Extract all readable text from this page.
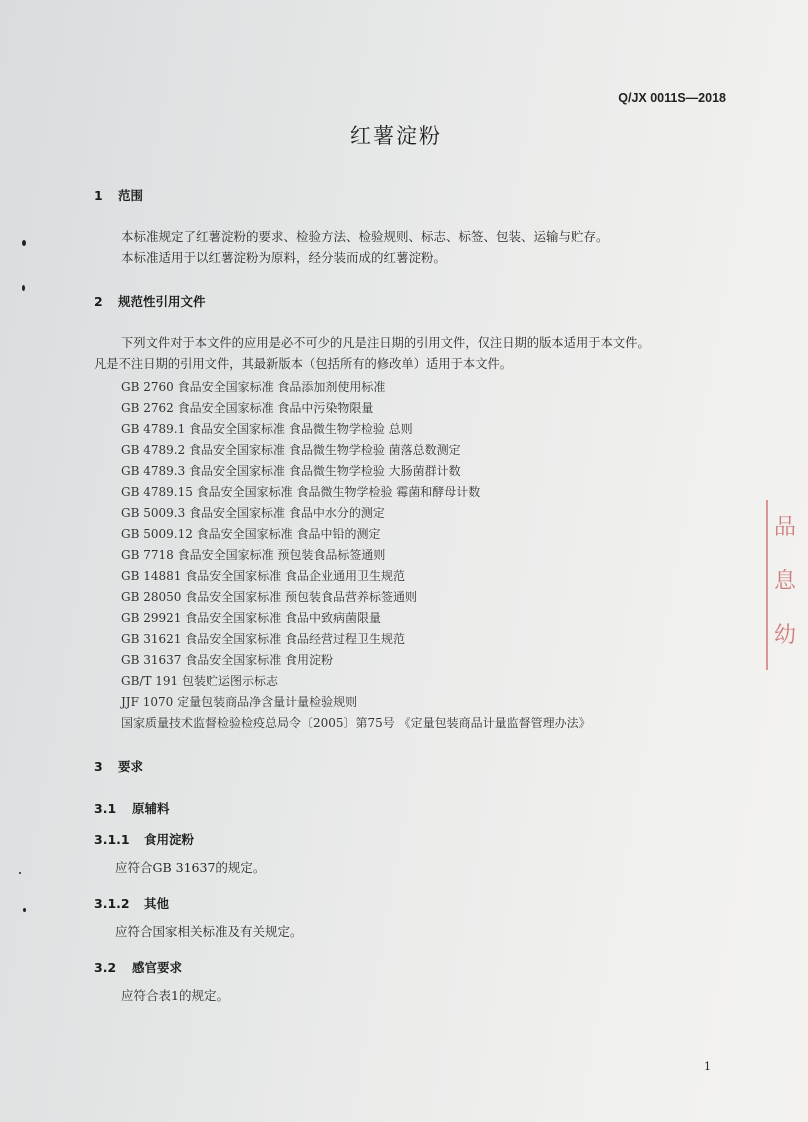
Q/JX 0011S—2018
红薯淀粉
1 范围
本标准规定了红薯淀粉的要求、检验方法、检验规则、标志、标签、包装、运输与贮存。
本标准适用于以红薯淀粉为原料，经分装而成的红薯淀粉。
2 规范性引用文件
下列文件对于本文件的应用是必不可少的凡是注日期的引用文件，仅注日期的版本适用于本文件。
凡是不注日期的引用文件，其最新版本（包括所有的修改单）适用于本文件。
GB 2760 食品安全国家标准 食品添加剂使用标准
GB 2762 食品安全国家标准 食品中污染物限量
GB 4789.1 食品安全国家标准 食品微生物学检验 总则
GB 4789.2 食品安全国家标准 食品微生物学检验 菌落总数测定
GB 4789.3 食品安全国家标准 食品微生物学检验 大肠菌群计数
GB 4789.15 食品安全国家标准 食品微生物学检验 霉菌和酵母计数
GB 5009.3 食品安全国家标准 食品中水分的测定
GB 5009.12 食品安全国家标准 食品中铅的测定
GB 7718 食品安全国家标准 预包装食品标签通则
GB 14881 食品安全国家标准 食品企业通用卫生规范
GB 28050 食品安全国家标准 预包装食品营养标签通则
GB 29921 食品安全国家标准 食品中致病菌限量
GB 31621 食品安全国家标准 食品经营过程卫生规范
GB 31637 食品安全国家标准 食用淀粉
GB/T 191 包装贮运图示标志
JJF 1070 定量包装商品净含量计量检验规则
国家质量技术监督检验检疫总局令〔2005〕第75号 《定量包装商品计量监督管理办法》
3 要求
3.1 原辅料
3.1.1 食用淀粉
应符合GB 31637的规定。
3.1.2 其他
应符合国家相关标准及有关规定。
3.2 感官要求
应符合表1的规定。
1
品
息
幼
